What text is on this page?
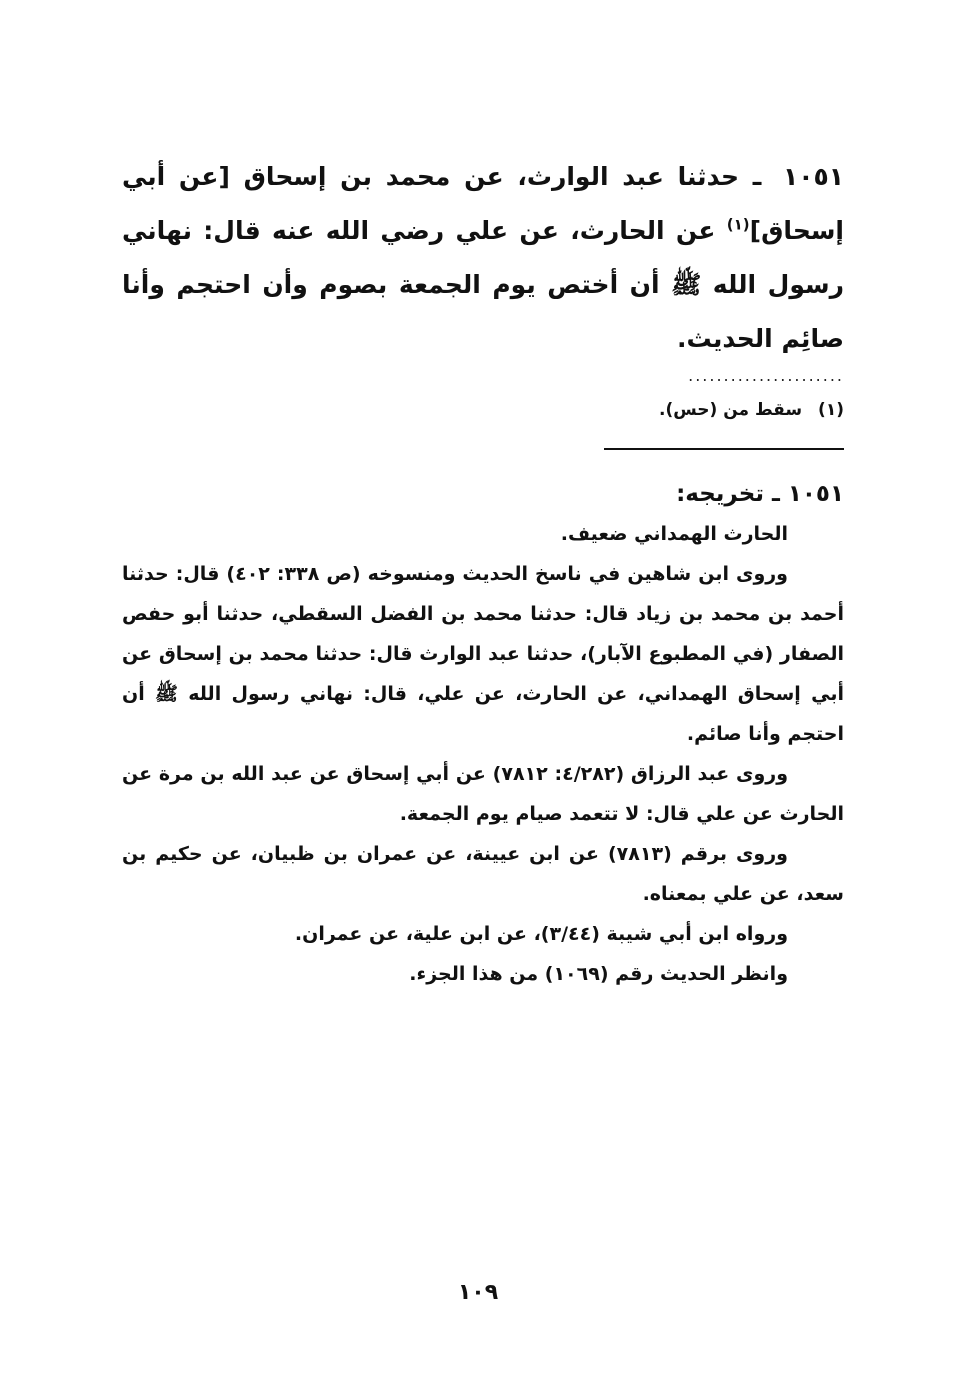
١٠٥١ ـ حدثنا عبد الوارث، عن محمد بن إسحاق [عن أبي إسحاق]$^{(١)}$ عن الحارث، عن علي رضي الله عنه قال: نهاني رسول الله ﷺ أن أختص يوم الجمعة بصوم وأن احتجم وأنا صائِم الحديث.
......................
(١) سقط من (حس).
١٠٥١ ـ تخريجه:

الحارث الهمداني ضعيف.

وروى ابن شاهين في ناسخ الحديث ومنسوخه (ص ٣٣٨: ٤٠٢) قال: حدثنا أحمد بن محمد بن زياد قال: حدثنا محمد بن الفضل السقطي، حدثنا أبو حفص الصفار (في المطبوع الآبار)، حدثنا عبد الوارث قال: حدثنا محمد بن إسحاق عن أبي إسحاق الهمداني، عن الحارث، عن علي، قال: نهاني رسول الله ﷺ أن احتجم وأنا صائم.

وروى عبد الرزاق (٤/٢٨٢: ٧٨١٢) عن أبي إسحاق عن عبد الله بن مرة عن الحارث عن علي قال: لا تتعمد صيام يوم الجمعة.

وروى برقم (٧٨١٣) عن ابن عيينة، عن عمران بن ظبيان، عن حكيم بن سعد، عن علي بمعناه.

ورواه ابن أبي شيبة (٣/٤٤)، عن ابن علية، عن عمران.

وانظر الحديث رقم (١٠٦٩) من هذا الجزء.

١٠٩
